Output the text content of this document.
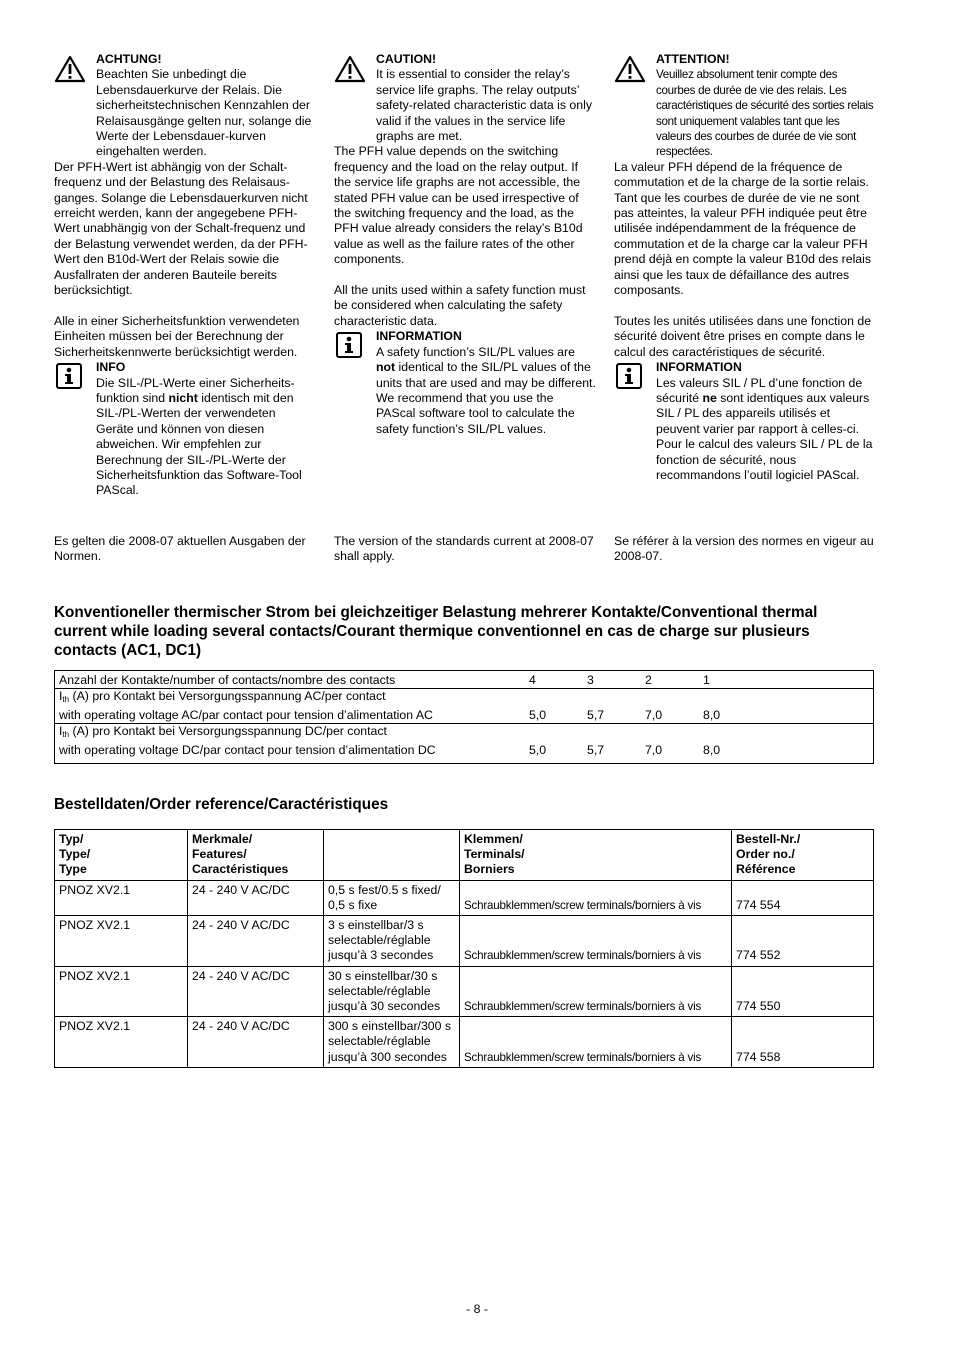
ACHTUNG!
Beachten Sie unbedingt die Lebensdauerkurve der Relais. Die sicherheitstechnischen Kennzahlen der Relaisausgänge gelten nur, solange die Werte der Lebensdauer-kurven eingehalten werden.

Der PFH-Wert ist abhängig von der Schalt-frequenz und der Belastung des Relaisaus-ganges. Solange die Lebensdauerkurven nicht erreicht werden, kann der angegebene PFH-Wert unabhängig von der Schalt-frequenz und der Belastung verwendet werden, da der PFH-Wert den B10d-Wert der Relais sowie die Ausfallraten der anderen Bauteile bereits berücksichtigt.

Alle in einer Sicherheitsfunktion verwendeten Einheiten müssen bei der Berechnung der Sicherheitskennwerte berücksichtigt werden.

INFO
Die SIL-/PL-Werte einer Sicherheits-funktion sind nicht identisch mit den SIL-/PL-Werten der verwendeten Geräte und können von diesen abweichen. Wir empfehlen zur Berechnung der SIL-/PL-Werte der Sicherheitsfunktion das Software-Tool PAScal.
CAUTION!
It is essential to consider the relay’s service life graphs. The relay outputs’ safety-related characteristic data is only valid if the values in the service life graphs are met.

The PFH value depends on the switching frequency and the load on the relay output. If the service life graphs are not accessible, the stated PFH value can be used irrespective of the switching frequency and the load, as the PFH value already considers the relay’s B10d value as well as the failure rates of the other components.

All the units used within a safety function must be considered when calculating the safety characteristic data.

INFORMATION
A safety function’s SIL/PL values are not identical to the SIL/PL values of the units that are used and may be different. We recommend that you use the PAScal software tool to calculate the safety function’s SIL/PL values.
ATTENTION!
Veuillez absolument tenir compte des courbes de durée de vie des relais. Les caractéristiques de sécurité des sorties relais sont uniquement valables tant que les valeurs des courbes de durée de vie sont respectées.

La valeur PFH dépend de la fréquence de commutation et de la charge de la sortie relais.

Tant que les courbes de durée de vie ne sont pas atteintes, la valeur PFH indiquée peut être utilisée indépendamment de la fréquence de commutation et de la charge car la valeur PFH prend déjà en compte la valeur B10d des relais ainsi que les taux de défaillance des autres composants.

Toutes les unités utilisées dans une fonction de sécurité doivent être prises en compte dans le calcul des caractéristiques de sécurité.

INFORMATION
Les valeurs SIL / PL d’une fonction de sécurité ne sont identiques aux valeurs SIL / PL des appareils utilisés et peuvent varier par rapport à celles-ci. Pour le calcul des valeurs SIL / PL de la fonction de sécurité, nous recommandons l’outil logiciel PAScal.
Es gelten die 2008-07 aktuellen Ausgaben der Normen.
The version of the standards current at 2008-07 shall apply.
Se référer à la version des normes en vigeur au 2008-07.
Konventioneller thermischer Strom bei gleichzeitiger Belastung mehrerer Kontakte/Conventional thermal current while loading several contacts/Courant thermique conventionnel en cas de charge sur plusieurs contacts (AC1, DC1)
Anzahl der Kontakte/number of contacts/nombre des contacts	4	3	2	1	
$I_{th}$ (A) pro Kontakt bei Versorgungsspannung AC/per contact
with operating voltage AC/par contact pour tension d’alimentation AC	5,0	5,7	7,0	8,0	
$I_{th}$ (A) pro Kontakt bei Versorgungsspannung DC/per contact
with operating voltage DC/par contact pour tension d’alimentation DC	5,0	5,7	7,0	8,0	

Bestelldaten/Order reference/Caractéristiques
Typ/
Type/
Type	Merkmale/
Features/
Caractéristiques		Klemmen/
Terminals/
Borniers	Bestell-Nr./
Order no./
Référence
PNOZ XV2.1	24 - 240 V AC/DC	0,5 s fest/0.5 s fixed/
0,5 s fixe	Schraubklemmen/screw terminals/borniers à vis	774 554
PNOZ XV2.1	24 - 240 V AC/DC	3 s einstellbar/3 s
selectable/réglable
jusqu’à 3 secondes	Schraubklemmen/screw terminals/borniers à vis	774 552
PNOZ XV2.1	24 - 240 V AC/DC	30 s einstellbar/30 s
selectable/réglable
jusqu’à 30 secondes	Schraubklemmen/screw terminals/borniers à vis	774 550
PNOZ XV2.1	24 - 240 V AC/DC	300 s einstellbar/300 s
selectable/réglable
jusqu’à 300 secondes	Schraubklemmen/screw terminals/borniers à vis	774 558
- 8 -
